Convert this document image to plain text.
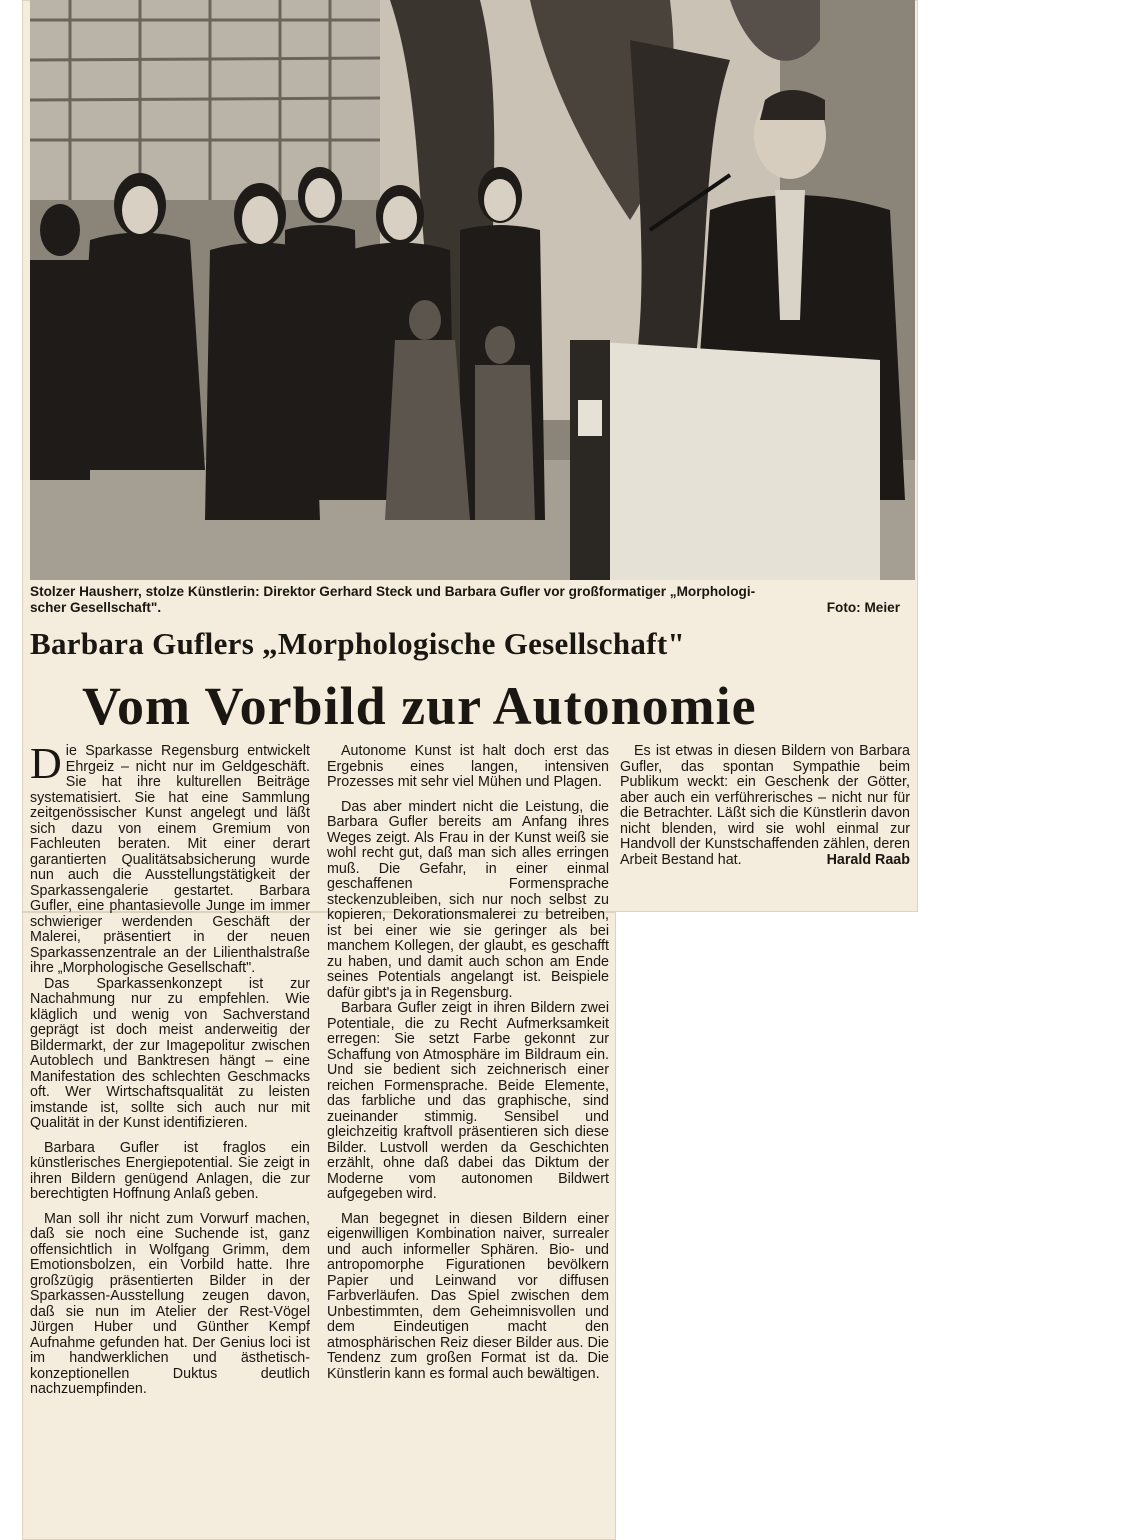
Stolzer Hausherr, stolze Künstlerin: Direktor Gerhard Steck und Barbara Gufler vor großformatiger „Morphologi-
scher Gesellschaft".	Foto: Meier
Barbara Guflers „Morphologische Gesellschaft"
Vom Vorbild zur Autonomie

Die Sparkasse Regensburg entwickelt Ehrgeiz – nicht nur im Geldgeschäft. Sie hat ihre kulturellen Beiträge systematisiert. Sie hat eine Sammlung zeitgenössischer Kunst angelegt und läßt sich dazu von einem Gremium von Fachleuten beraten. Mit einer derart garantierten Qualitätsabsicherung wurde nun auch die Ausstellungstätigkeit der Sparkassengalerie gestartet. Barbara Gufler, eine phantasievolle Junge im immer schwieriger werdenden Geschäft der Malerei, präsentiert in der neuen Sparkassenzentrale an der Lilienthalstraße ihre „Morphologische Gesellschaft".

Das Sparkassenkonzept ist zur Nachahmung nur zu empfehlen. Wie kläglich und wenig von Sachverstand geprägt ist doch meist anderweitig der Bildermarkt, der zur Imagepolitur zwischen Autoblech und Banktresen hängt – eine Manifestation des schlechten Geschmacks oft. Wer Wirtschaftsqualität zu leisten imstande ist, sollte sich auch nur mit Qualität in der Kunst identifizieren.

Barbara Gufler ist fraglos ein künstlerisches Energiepotential. Sie zeigt in ihren Bildern genügend Anlagen, die zur berechtigten Hoffnung Anlaß geben.

Man soll ihr nicht zum Vorwurf machen, daß sie noch eine Suchende ist, ganz offensichtlich in Wolfgang Grimm, dem Emotionsbolzen, ein Vorbild hatte. Ihre großzügig präsentierten Bilder in der Sparkassen-Ausstellung zeugen davon, daß sie nun im Atelier der Rest-Vögel Jürgen Huber und Günther Kempf Aufnahme gefunden hat. Der Genius loci ist im handwerklichen und ästhetisch-konzeptionellen Duktus deutlich nachzuempfinden.

Autonome Kunst ist halt doch erst das Ergebnis eines langen, intensiven Prozesses mit sehr viel Mühen und Plagen.

Das aber mindert nicht die Leistung, die Barbara Gufler bereits am Anfang ihres Weges zeigt. Als Frau in der Kunst weiß sie wohl recht gut, daß man sich alles erringen muß. Die Gefahr, in einer einmal geschaffenen Formensprache steckenzubleiben, sich nur noch selbst zu kopieren, Dekorationsmalerei zu betreiben, ist bei einer wie sie geringer als bei manchem Kollegen, der glaubt, es geschafft zu haben, und damit auch schon am Ende seines Potentials angelangt ist. Beispiele dafür gibt's ja in Regensburg.

Barbara Gufler zeigt in ihren Bildern zwei Potentiale, die zu Recht Aufmerksamkeit erregen: Sie setzt Farbe gekonnt zur Schaffung von Atmosphäre im Bildraum ein. Und sie bedient sich zeichnerisch einer reichen Formensprache. Beide Elemente, das farbliche und das graphische, sind zueinander stimmig. Sensibel und gleichzeitig kraftvoll präsentieren sich diese Bilder. Lustvoll werden da Geschichten erzählt, ohne daß dabei das Diktum der Moderne vom autonomen Bildwert aufgegeben wird.

Man begegnet in diesen Bildern einer eigenwilligen Kombination naiver, surrealer und auch informeller Sphären. Bio- und antropomorphe Figurationen bevölkern Papier und Leinwand vor diffusen Farbverläufen. Das Spiel zwischen dem Unbestimmten, dem Geheimnisvollen und dem Eindeutigen macht den atmosphärischen Reiz dieser Bilder aus. Die Tendenz zum großen Format ist da. Die Künstlerin kann es formal auch bewältigen.

Es ist etwas in diesen Bildern von Barbara Gufler, das spontan Sympathie beim Publikum weckt: ein Geschenk der Götter, aber auch ein verführerisches – nicht nur für die Betrachter. Läßt sich die Künstlerin davon nicht blenden, wird sie wohl einmal zur Handvoll der Kunstschaffenden zählen, deren Arbeit Bestand hat.	Harald Raab
